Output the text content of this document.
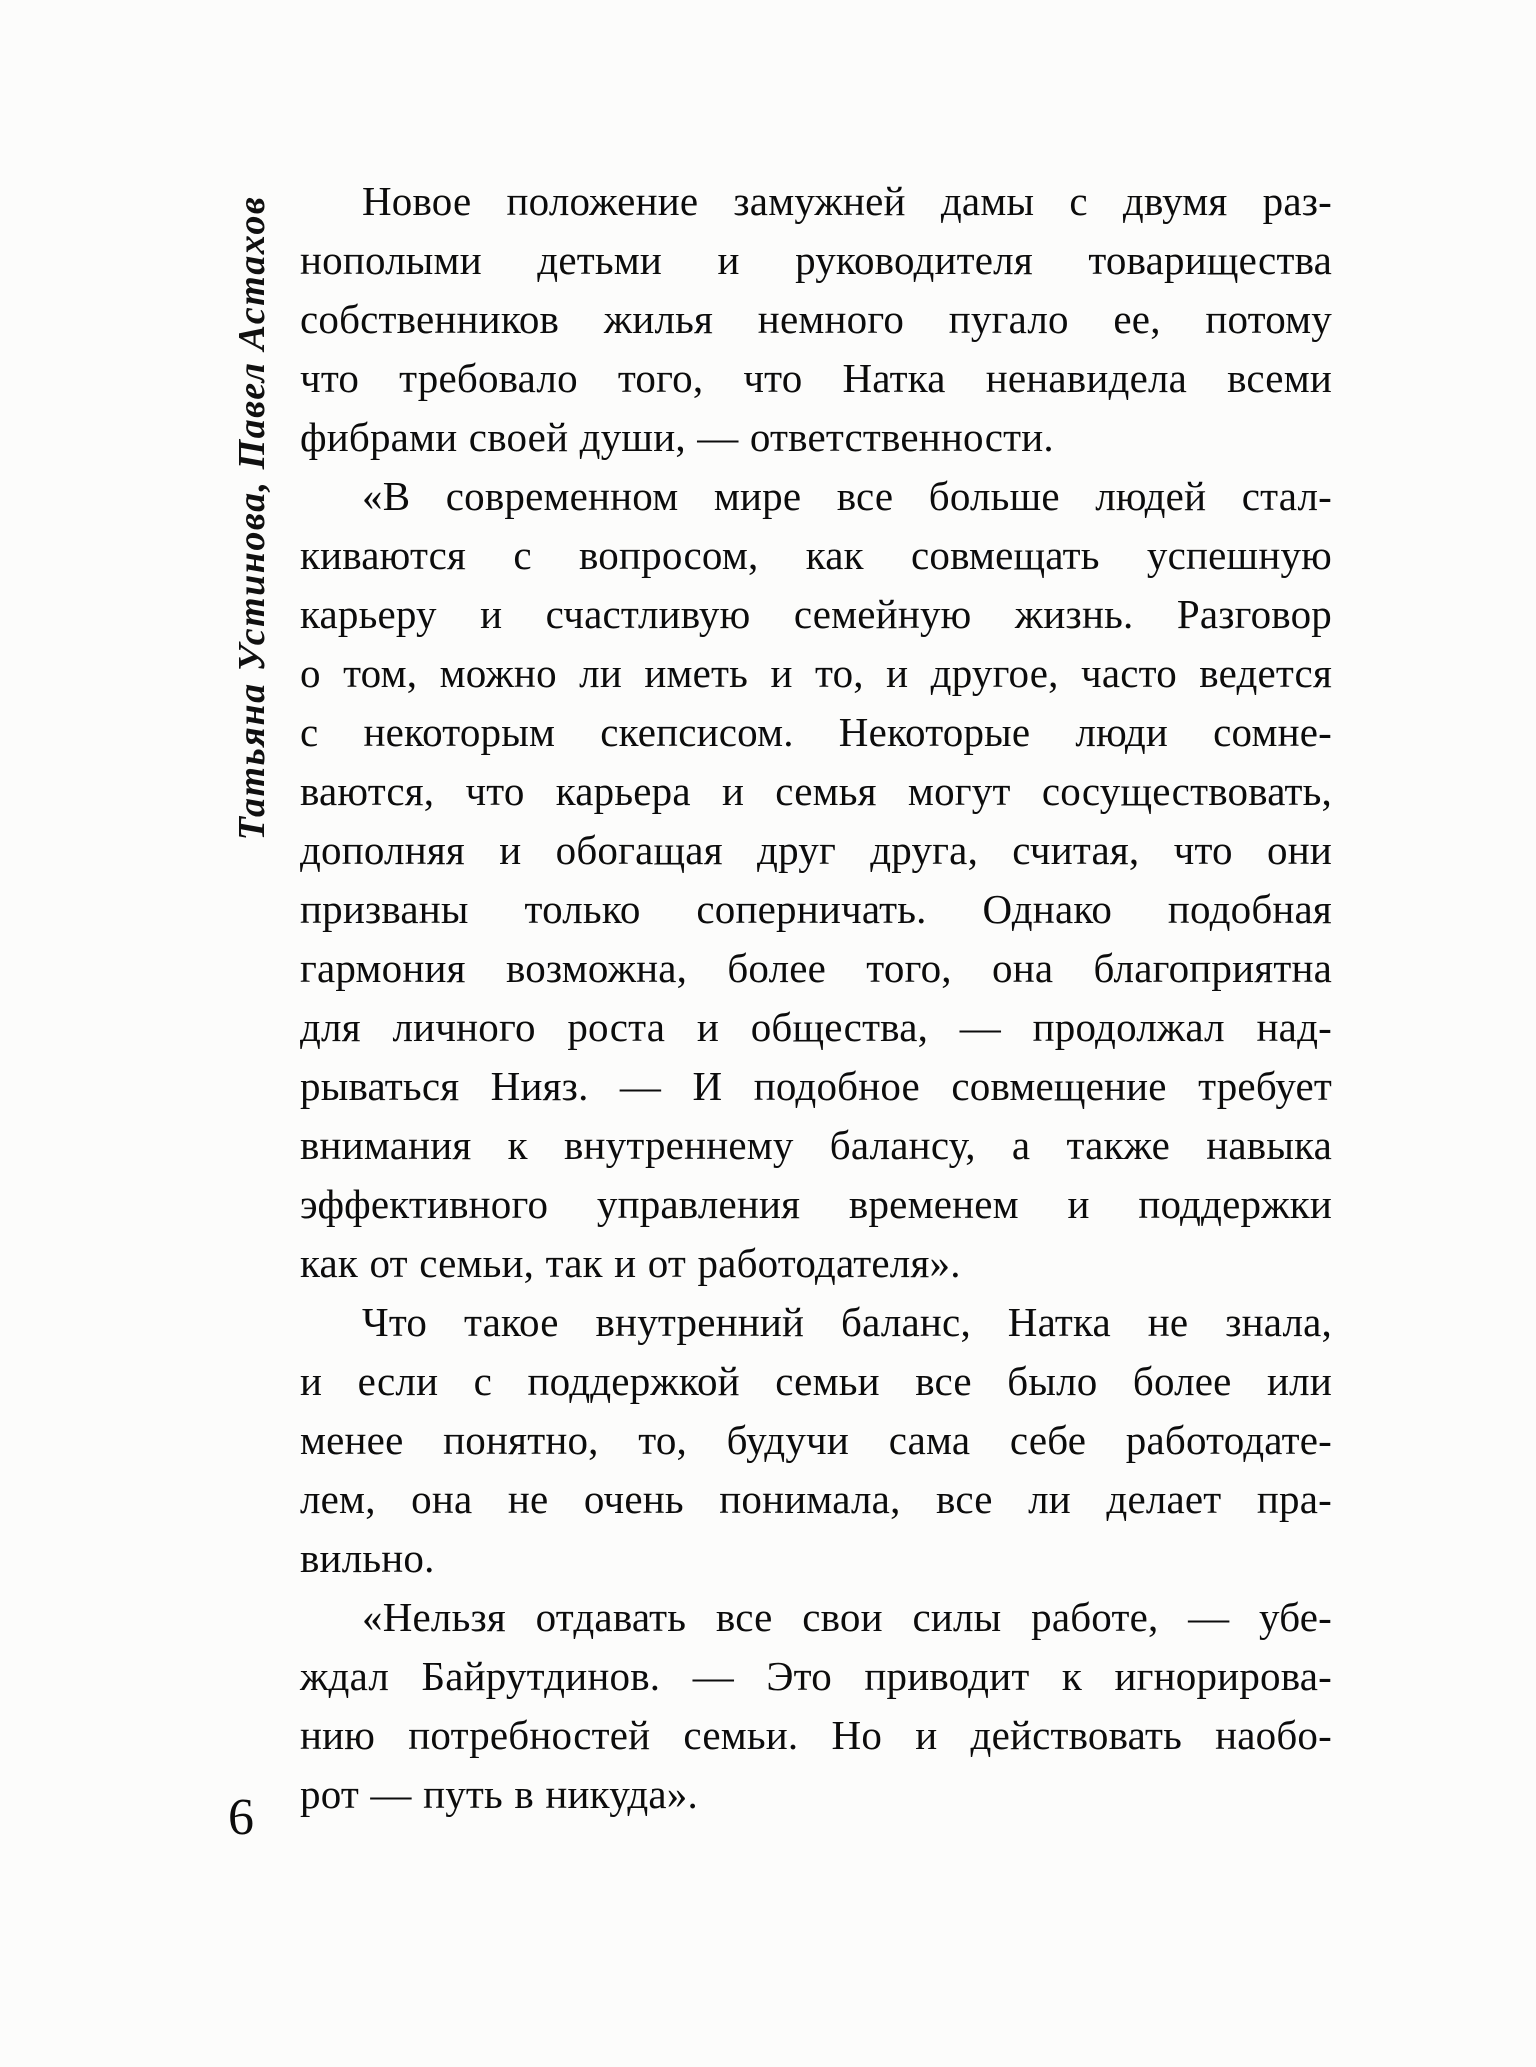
Татьяна Устинова, Павел Астахов	Новое положение замужней дамы с двумя раз-
нополыми детьми и руководителя товарищества
собственников жилья немного пугало ее, потому
что требовало того, что Натка ненавидела всеми
фибрами своей души, — ответственности.
«В современном мире все больше людей стал-
киваются с вопросом, как совмещать успешную
карьеру и счастливую семейную жизнь. Разговор
о том, можно ли иметь и то, и другое, часто ведется
с некоторым скепсисом. Некоторые люди сомне-
ваются, что карьера и семья могут сосуществовать,
дополняя и обогащая друг друга, считая, что они
призваны только соперничать. Однако подобная
гармония возможна, более того, она благоприятна
для личного роста и общества, — продолжал над-
рываться Нияз. — И подобное совмещение требует
внимания к внутреннему балансу, а также навыка
эффективного управления временем и поддержки
как от семьи, так и от работодателя».
Что такое внутренний баланс, Натка не знала,
и если с поддержкой семьи все было более или
менее понятно, то, будучи сама себе работодате-
лем, она не очень понимала, все ли делает пра-
вильно.
«Нельзя отдавать все свои силы работе, — убе-
ждал Байрутдинов. — Это приводит к игнорирова-
нию потребностей семьи. Но и действовать наобо-
рот — путь в никуда».
6
